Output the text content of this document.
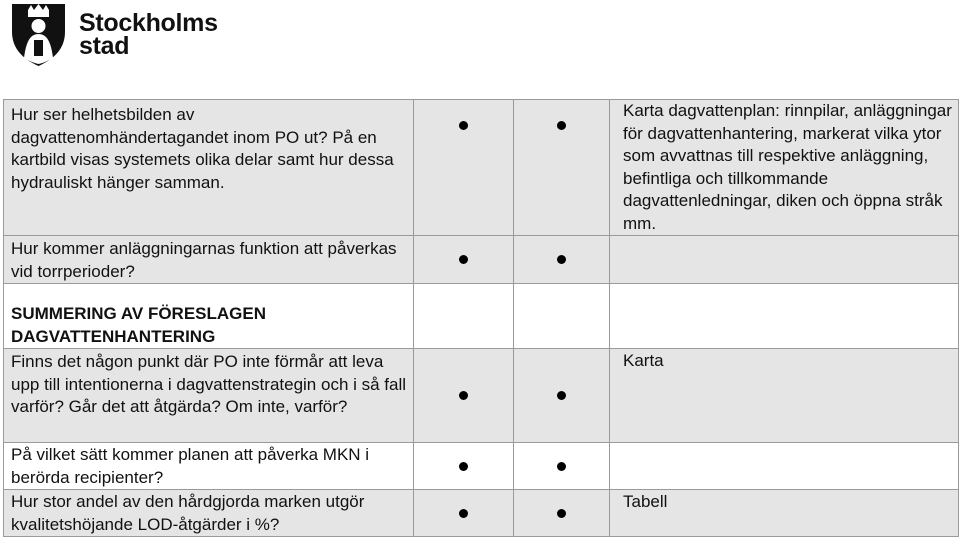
Stockholms
stad
Hur ser helhetsbilden av dagvattenomhändertagandet inom PO ut? På en kartbild visas systemets olika delar samt hur dessa hydrauliskt hänger samman.			Karta dagvattenplan: rinnpilar, anläggningar för dagvattenhantering, markerat vilka ytor som avvattnas till respektive anläggning, befintliga och tillkommande dagvattenledningar, diken och öppna stråk mm.
Hur kommer anläggningarnas funktion att påverkas vid torrperioder?			
SUMMERING AV FÖRESLAGEN DAGVATTENHANTERING			
Finns det någon punkt där PO inte förmår att leva upp till intentionerna i dagvattenstrategin och i så fall varför? Går det att åtgärda? Om inte, varför?			Karta
På vilket sätt kommer planen att påverka MKN i berörda recipienter?			
Hur stor andel av den hårdgjorda marken utgör kvalitetshöjande LOD-åtgärder i %?			Tabell
